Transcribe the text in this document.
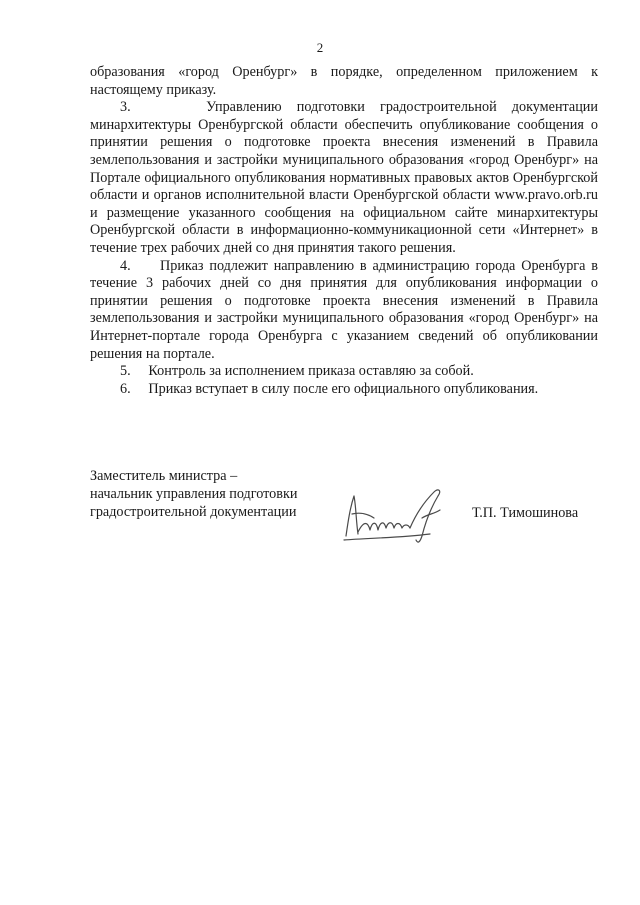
2

образования «город Оренбург» в порядке, определенном приложением к настоящему приказу.

3.     Управлению подготовки градостроительной документации минархитектуры Оренбургской области обеспечить опубликование сообщения о принятии решения о подготовке проекта внесения изменений в Правила землепользования и застройки муниципального образования «город Оренбург» на Портале официального опубликования нормативных правовых актов Оренбургской области и органов исполнительной власти Оренбургской области www.pravo.orb.ru и размещение указанного сообщения на официальном сайте минархитектуры Оренбургской области в информационно-коммуникационной сети «Интернет» в течение трех рабочих дней со дня принятия такого решения.

4.     Приказ подлежит направлению в администрацию города Оренбурга в течение 3 рабочих дней со дня принятия для опубликования информации о принятии решения о подготовке проекта внесения изменений в Правила землепользования и застройки муниципального образования «город Оренбург» на Интернет-портале города Оренбурга с указанием сведений об опубликовании решения на портале.

5.     Контроль за исполнением приказа оставляю за собой.

6.     Приказ вступает в силу после его официального опубликования.

Заместитель министра –
начальник управления подготовки
градостроительной документации	Т.П. Тимошинова
